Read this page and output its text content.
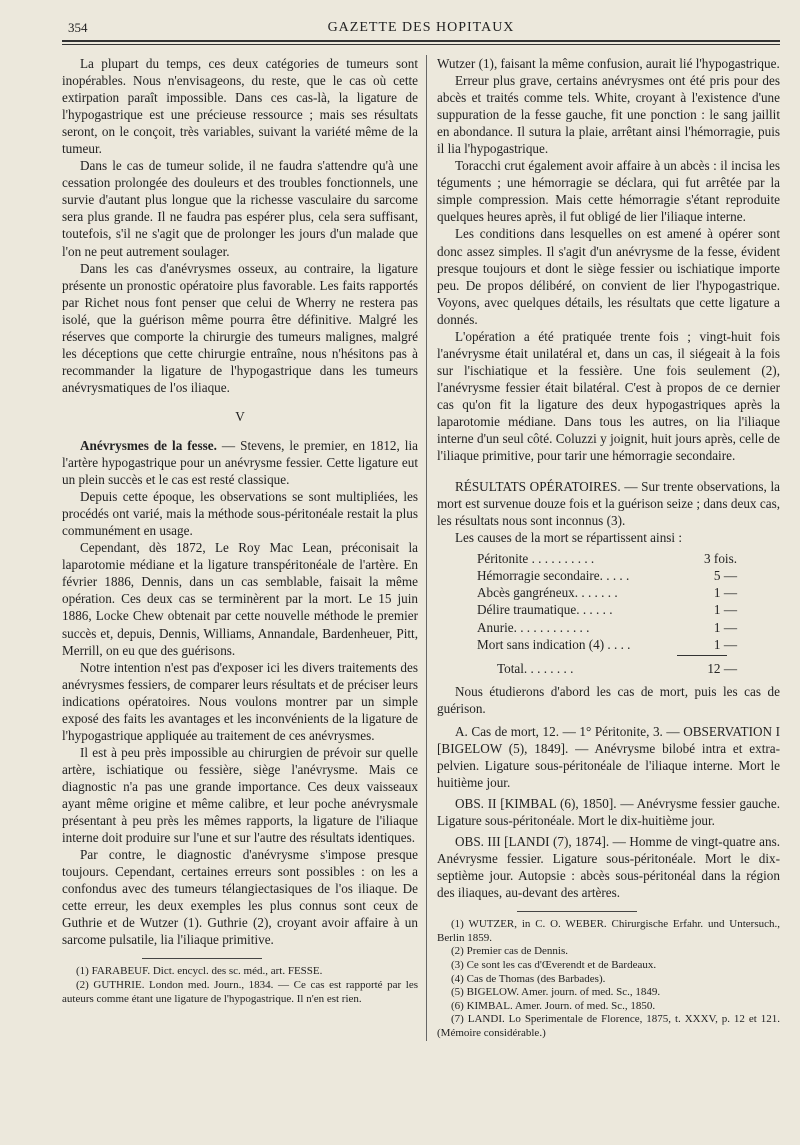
354	GAZETTE DES HOPITAUX

La plupart du temps, ces deux catégories de tumeurs sont inopérables. Nous n'envisageons, du reste, que le cas où cette extirpation paraît impossible. Dans ces cas-là, la ligature de l'hypogastrique est une précieuse ressource ; mais ses résultats seront, on le conçoit, très variables, suivant la variété même de la tumeur.

Dans le cas de tumeur solide, il ne faudra s'attendre qu'à une cessation prolongée des douleurs et des troubles fonctionnels, une survie d'autant plus longue que la richesse vasculaire du sarcome sera plus grande. Il ne faudra pas espérer plus, cela sera suffisant, toutefois, s'il ne s'agit que de prolonger les jours d'un malade que l'on ne peut autrement soulager.

Dans les cas d'anévrysmes osseux, au contraire, la ligature présente un pronostic opératoire plus favorable. Les faits rapportés par Richet nous font penser que celui de Wherry ne restera pas isolé, que la guérison même pourra être définitive. Malgré les réserves que comporte la chirurgie des tumeurs malignes, malgré les déceptions que cette chirurgie entraîne, nous n'hésitons pas à recommander la ligature de l'hypogastrique dans les tumeurs anévrysmatiques de l'os iliaque.

V

Anévrysmes de la fesse. — Stevens, le premier, en 1812, lia l'artère hypogastrique pour un anévrysme fessier. Cette ligature eut un plein succès et le cas est resté classique.

Depuis cette époque, les observations se sont multipliées, les procédés ont varié, mais la méthode sous-péritonéale restait la plus communément en usage.

Cependant, dès 1872, Le Roy Mac Lean, préconisait la laparotomie médiane et la ligature transpéritonéale de l'artère. En février 1886, Dennis, dans un cas semblable, faisait la même opération. Ces deux cas se terminèrent par la mort. Le 15 juin 1886, Locke Chew obtenait par cette nouvelle méthode le premier succès et, depuis, Dennis, Williams, Annandale, Bardenheuer, Pitt, Merrill, on eu que des guérisons.

Notre intention n'est pas d'exposer ici les divers traitements des anévrysmes fessiers, de comparer leurs résultats et de préciser leurs indications opératoires. Nous voulons montrer par un simple exposé des faits les avantages et les inconvénients de la ligature de l'hypogastrique appliquée au traitement de ces anévrysmes.

Il est à peu près impossible au chirurgien de prévoir sur quelle artère, ischiatique ou fessière, siège l'anévrysme. Mais ce diagnostic n'a pas une grande importance. Ces deux vaisseaux ayant même origine et même calibre, et leur poche anévrysmale présentant à peu près les mêmes rapports, la ligature de l'iliaque interne doit produire sur l'une et sur l'autre des résultats identiques.

Par contre, le diagnostic d'anévrysme s'impose presque toujours. Cependant, certaines erreurs sont possibles : on les a confondus avec des tumeurs télangiectasiques de l'os iliaque. De cette erreur, les deux exemples les plus connus sont ceux de Guthrie et de Wutzer (1). Guthrie (2), croyant avoir affaire à un sarcome pulsatile, lia l'iliaque primitive.

(1) FARABEUF. Dict. encycl. des sc. méd., art. FESSE.

(2) GUTHRIE. London med. Journ., 1834. — Ce cas est rapporté par les auteurs comme étant une ligature de l'hypogastrique. Il n'en est rien.

Wutzer (1), faisant la même confusion, aurait lié l'hypogastrique.

Erreur plus grave, certains anévrysmes ont été pris pour des abcès et traités comme tels. White, croyant à l'existence d'une suppuration de la fesse gauche, fit une ponction : le sang jaillit en abondance. Il sutura la plaie, arrêtant ainsi l'hémorragie, puis il lia l'hypogastrique.

Toracchi crut également avoir affaire à un abcès : il incisa les téguments ; une hémorragie se déclara, qui fut arrêtée par la simple compression. Mais cette hémorragie s'étant reproduite quelques heures après, il fut obligé de lier l'iliaque interne.

Les conditions dans lesquelles on est amené à opérer sont donc assez simples. Il s'agit d'un anévrysme de la fesse, évident presque toujours et dont le siège fessier ou ischiatique importe peu. De propos délibéré, on convient de lier l'hypogastrique. Voyons, avec quelques détails, les résultats que cette ligature a donnés.

L'opération a été pratiquée trente fois ; vingt-huit fois l'anévrysme était unilatéral et, dans un cas, il siégeait à la fois sur l'ischiatique et la fessière. Une fois seulement (2), l'anévrysme fessier était bilatéral. C'est à propos de ce dernier cas qu'on fit la ligature des deux hypogastriques après la laparotomie médiane. Dans tous les autres, on lia l'iliaque interne d'un seul côté. Coluzzi y joignit, huit jours après, celle de l'iliaque primitive, pour tarir une hémorragie secondaire.

RÉSULTATS OPÉRATOIRES. — Sur trente observations, la mort est survenue douze fois et la guérison seize ; dans deux cas, les résultats nous sont inconnus (3).

Les causes de la mort se répartissent ainsi :

Péritonite . . . . . . . . . .	3 fois.
Hémorragie secondaire. . . . .	5 —
Abcès gangréneux. . . . . . .	1 —
Délire traumatique. . . . . .	1 —
Anurie. . . . . . . . . . . .	1 —
Mort sans indication (4) . . . .	1 —
Total. . . . . . . .	12 —

Nous étudierons d'abord les cas de mort, puis les cas de guérison.

A. Cas de mort, 12. — 1° Péritonite, 3. — OBSERVATION I [BIGELOW (5), 1849]. — Anévrysme bilobé intra et extra-pelvien. Ligature sous-péritonéale de l'iliaque interne. Mort le huitième jour.

OBS. II [KIMBAL (6), 1850]. — Anévrysme fessier gauche. Ligature sous-péritonéale. Mort le dix-huitième jour.

OBS. III [LANDI (7), 1874]. — Homme de vingt-quatre ans. Anévrysme fessier. Ligature sous-péritonéale. Mort le dix-septième jour. Autopsie : abcès sous-péritonéal dans la région des iliaques, au-devant des artères.

(1) WUTZER, in C. O. WEBER. Chirurgische Erfahr. und Untersuch., Berlin 1859.

(2) Premier cas de Dennis.

(3) Ce sont les cas d'Œverendt et de Bardeaux.

(4) Cas de Thomas (des Barbades).

(5) BIGELOW. Amer. journ. of med. Sc., 1849.

(6) KIMBAL. Amer. Journ. of med. Sc., 1850.

(7) LANDI. Lo Sperimentale de Florence, 1875, t. XXXV, p. 12 et 121. (Mémoire considérable.)
